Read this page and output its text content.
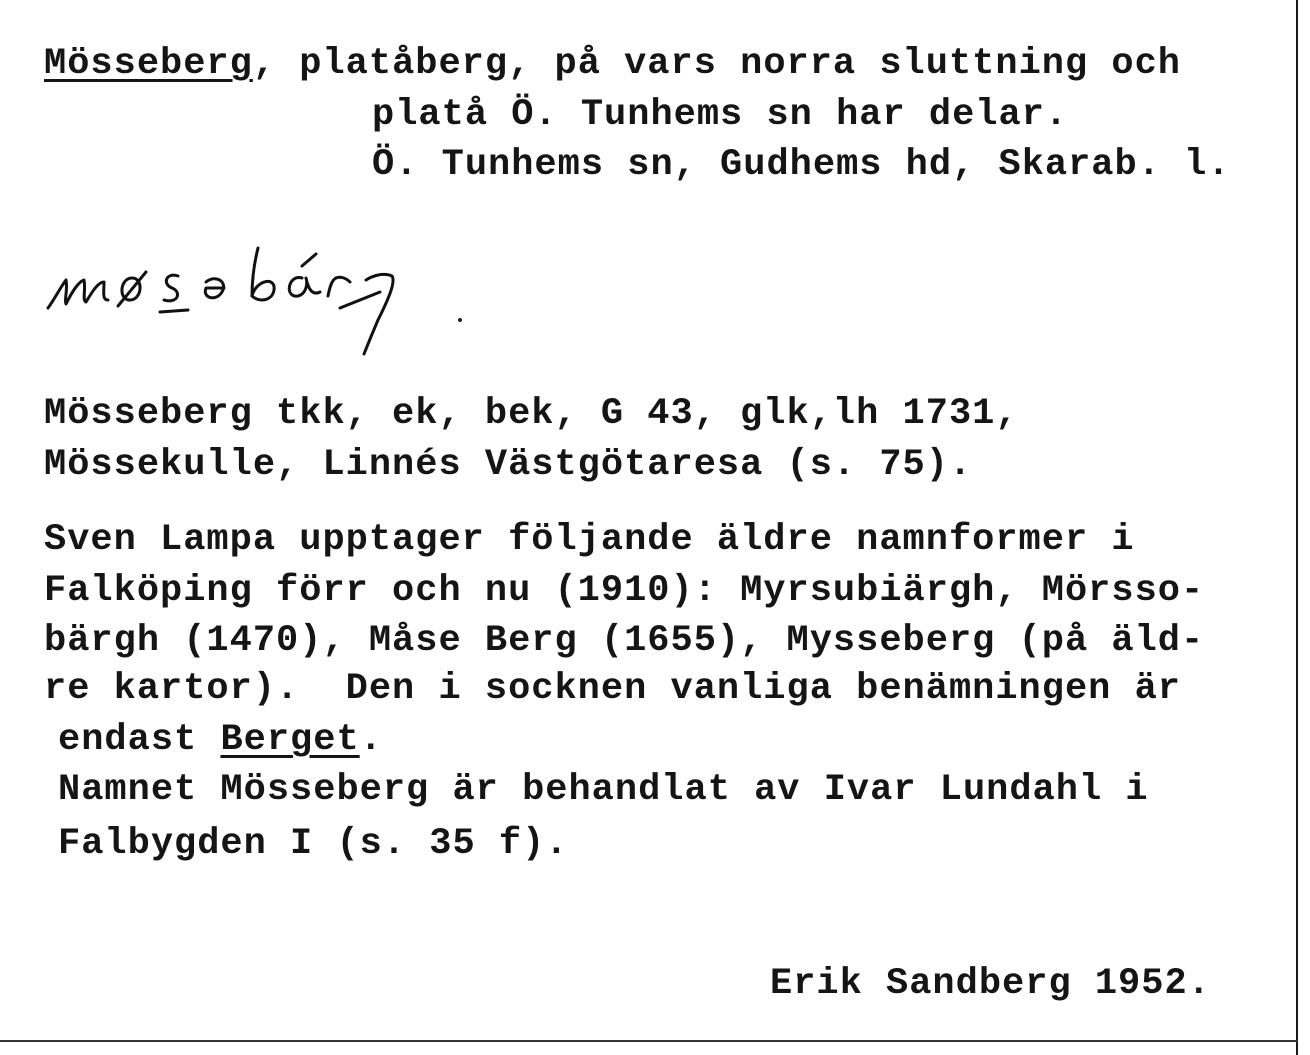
Mösseberg, platåberg, på vars norra sluttning och
platå Ö. Tunhems sn har delar.
Ö. Tunhems sn, Gudhems hd, Skarab. l.
Mösseberg tkk, ek, bek, G 43, glk,lh 1731,
Mössekulle, Linnés Västgötaresa (s. 75).
Sven Lampa upptager följande äldre namnformer i
Falköping förr och nu (1910): Myrsubiärgh, Mörsso-
bärgh (1470), Måse Berg (1655), Mysseberg (på äld-
re kartor).  Den i socknen vanliga benämningen är
endast Berget.
Namnet Mösseberg är behandlat av Ivar Lundahl i
Falbygden I (s. 35 f).
Erik Sandberg 1952.
